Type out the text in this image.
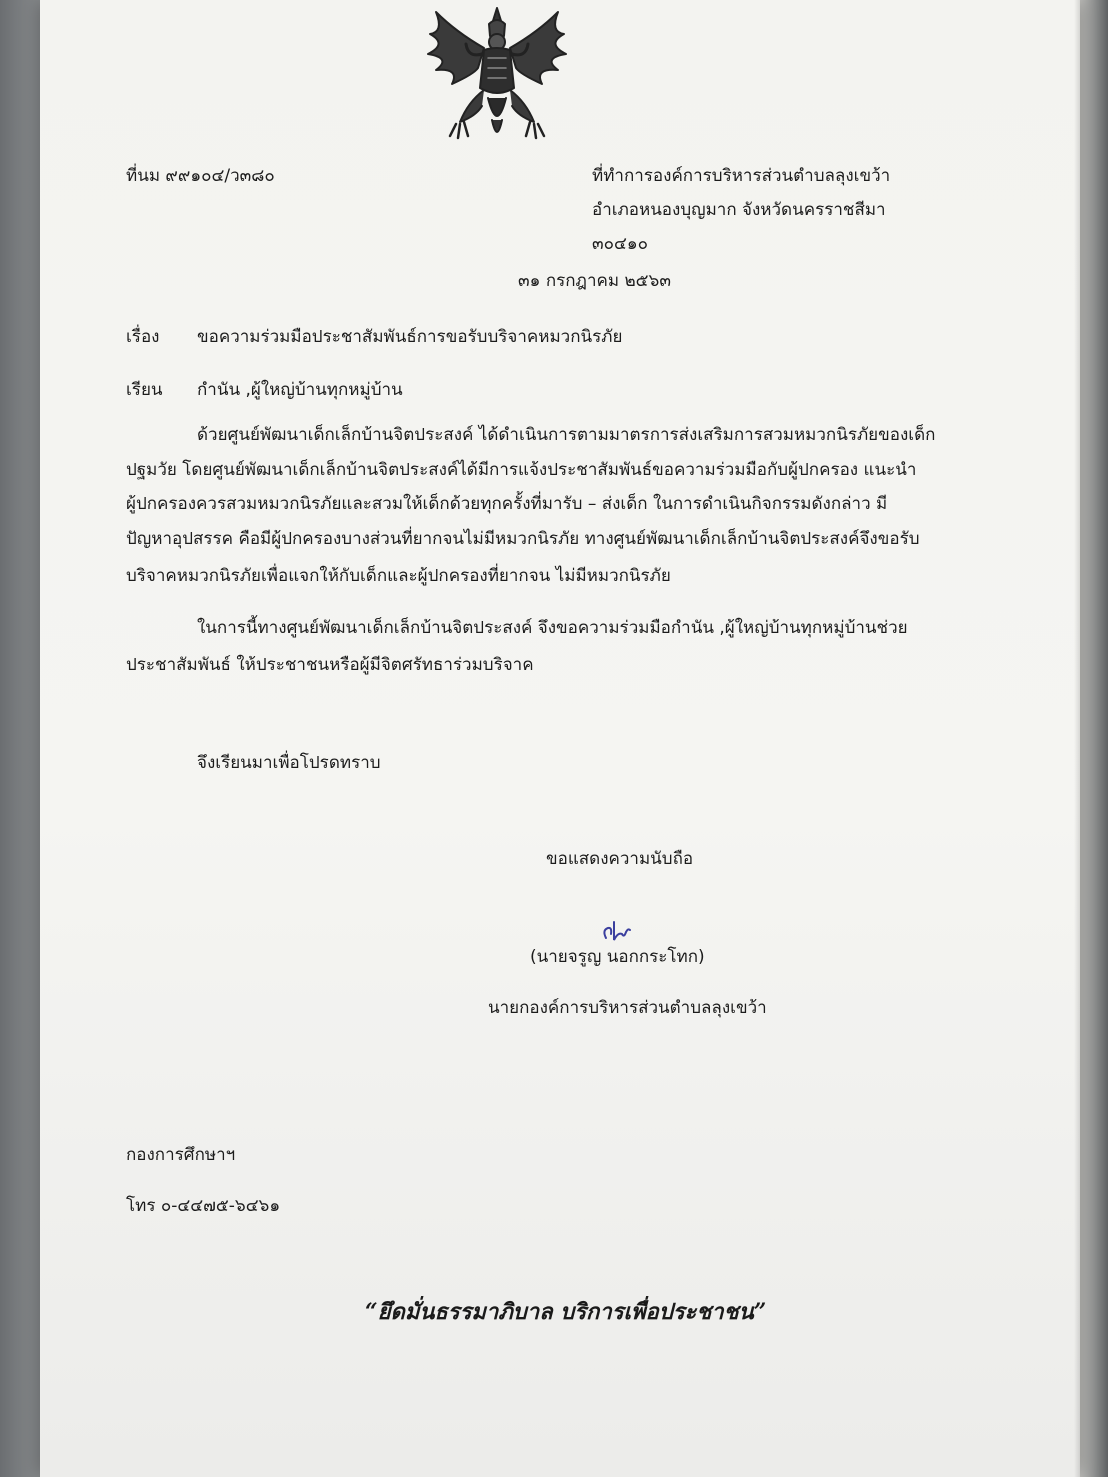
ที่นม ๙๙๑๐๔/ว๓๘๐	ที่ทำการองค์การบริหารส่วนตำบลลุงเขว้า
อำเภอหนองบุญมาก จังหวัดนครราชสีมา
๓๐๔๑๐
๓๑ กรกฎาคม ๒๕๖๓
เรื่อง ขอความร่วมมือประชาสัมพันธ์การขอรับบริจาคหมวกนิรภัย
เรียน กำนัน ,ผู้ใหญ่บ้านทุกหมู่บ้าน
ด้วยศูนย์พัฒนาเด็กเล็กบ้านจิตประสงค์ ได้ดำเนินการตามมาตรการส่งเสริมการสวมหมวกนิรภัยของเด็ก
ปฐมวัย โดยศูนย์พัฒนาเด็กเล็กบ้านจิตประสงค์ได้มีการแจ้งประชาสัมพันธ์ขอความร่วมมือกับผู้ปกครอง แนะนำ
ผู้ปกครองควรสวมหมวกนิรภัยและสวมให้เด็กด้วยทุกครั้งที่มารับ – ส่งเด็ก ในการดำเนินกิจกรรมดังกล่าว มี
ปัญหาอุปสรรค คือมีผู้ปกครองบางส่วนที่ยากจนไม่มีหมวกนิรภัย ทางศูนย์พัฒนาเด็กเล็กบ้านจิตประสงค์จึงขอรับ
บริจาคหมวกนิรภัยเพื่อแจกให้กับเด็กและผู้ปกครองที่ยากจน ไม่มีหมวกนิรภัย
ในการนี้ทางศูนย์พัฒนาเด็กเล็กบ้านจิตประสงค์ จึงขอความร่วมมือกำนัน ,ผู้ใหญ่บ้านทุกหมู่บ้านช่วย
ประชาสัมพันธ์ ให้ประชาชนหรือผู้มีจิตศรัทธาร่วมบริจาค
จึงเรียนมาเพื่อโปรดทราบ
ขอแสดงความนับถือ
(นายจรูญ นอกกระโทก)
นายกองค์การบริหารส่วนตำบลลุงเขว้า
กองการศึกษาฯ
โทร ๐-๔๔๗๕-๖๔๖๑
“ยึดมั่นธรรมาภิบาล บริการเพื่อประชาชน”
